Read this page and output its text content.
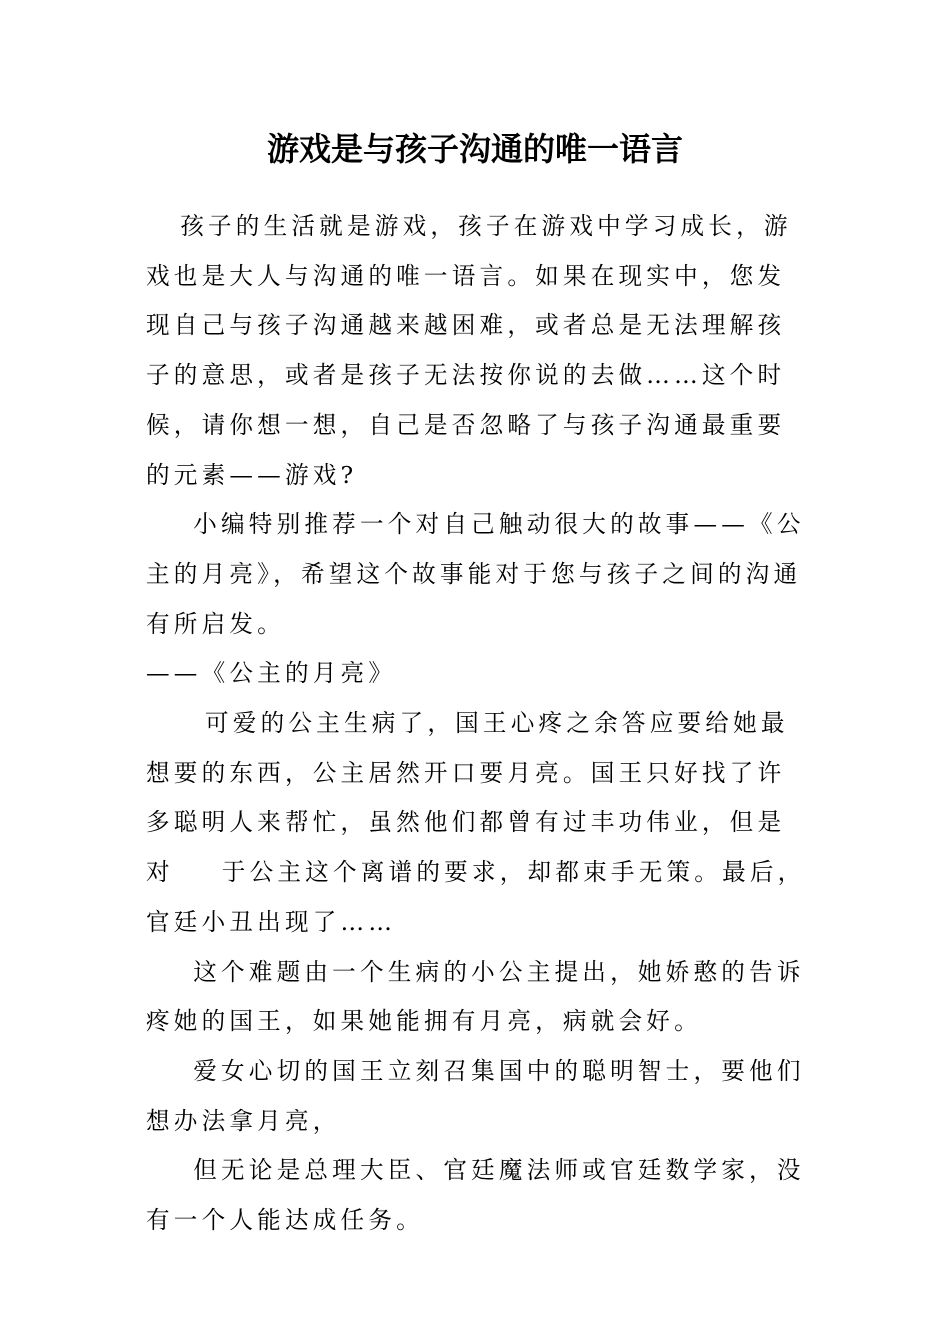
游戏是与孩子沟通的唯一语言

孩子的生活就是游戏，孩子在游戏中学习成长，游戏也是大人与沟通的唯一语言。如果在现实中，您发现自己与孩子沟通越来越困难，或者总是无法理解孩子的意思，或者是孩子无法按你说的去做……这个时候，请你想一想，自己是否忽略了与孩子沟通最重要的元素——游戏?

小编特别推荐一个对自己触动很大的故事——《公主的月亮》，希望这个故事能对于您与孩子之间的沟通有所启发。

——《公主的月亮》

可爱的公主生病了，国王心疼之余答应要给她最想要的东西，公主居然开口要月亮。国王只好找了许多聪明人来帮忙，虽然他们都曾有过丰功伟业，但是对 于公主这个离谱的要求，却都束手无策。最后，官廷小丑出现了……

这个难题由一个生病的小公主提出，她娇憨的告诉疼她的国王，如果她能拥有月亮，病就会好。

爱女心切的国王立刻召集国中的聪明智士，要他们想办法拿月亮，

但无论是总理大臣、官廷魔法师或官廷数学家，没有一个人能达成任务。
